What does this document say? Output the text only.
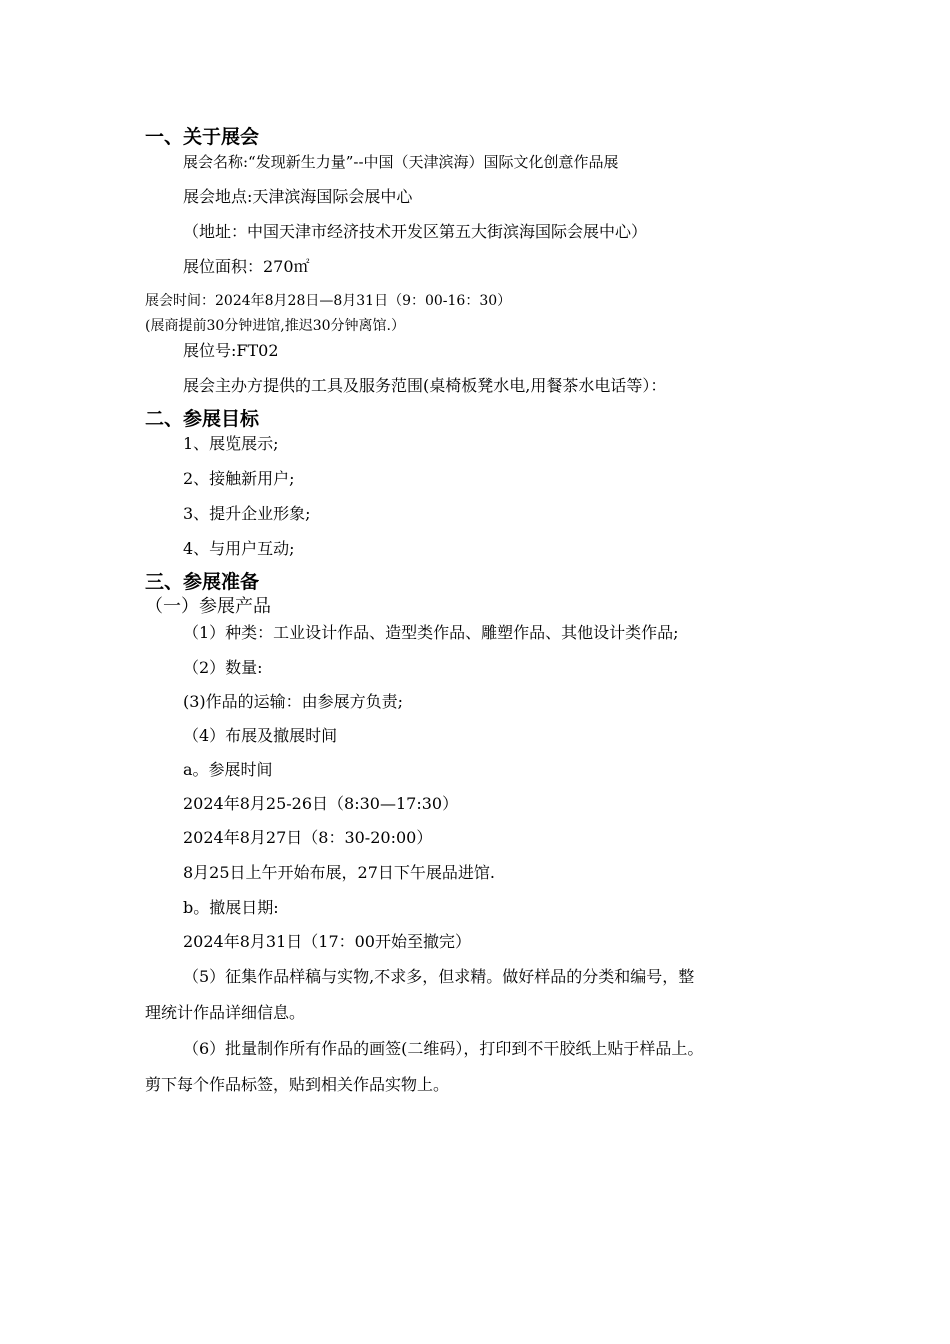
一、关于展会
展会名称:“发现新生力量”--中国（天津滨海）国际文化创意作品展
展会地点:天津滨海国际会展中心
（地址：中国天津市经济技术开发区第五大街滨海国际会展中心）
展位面积：270㎡
展会时间：2024年8月28日—8月31日（9：00-16：30）
(展商提前30分钟进馆,推迟30分钟离馆.）
展位号:FT02
展会主办方提供的工具及服务范围(桌椅板凳水电,用餐茶水电话等）：
二、参展目标
1、展览展示;
2、接触新用户;
3、提升企业形象;
4、与用户互动;
三、参展准备
（一）参展产品
（1）种类：工业设计作品、造型类作品、雕塑作品、其他设计类作品;
（2）数量:
(3)作品的运输：由参展方负责;
（4）布展及撤展时间
a。参展时间
2024年8月25-26日（8:30—17:30）
2024年8月27日（8：30-20:00）
8月25日上午开始布展，27日下午展品进馆.
b。撤展日期:
2024年8月31日（17：00开始至撤完）
（5）征集作品样稿与实物,不求多，但求精。做好样品的分类和编号，整
理统计作品详细信息。
（6）批量制作所有作品的画签(二维码），打印到不干胶纸上贴于样品上。
剪下每个作品标签，贴到相关作品实物上。
